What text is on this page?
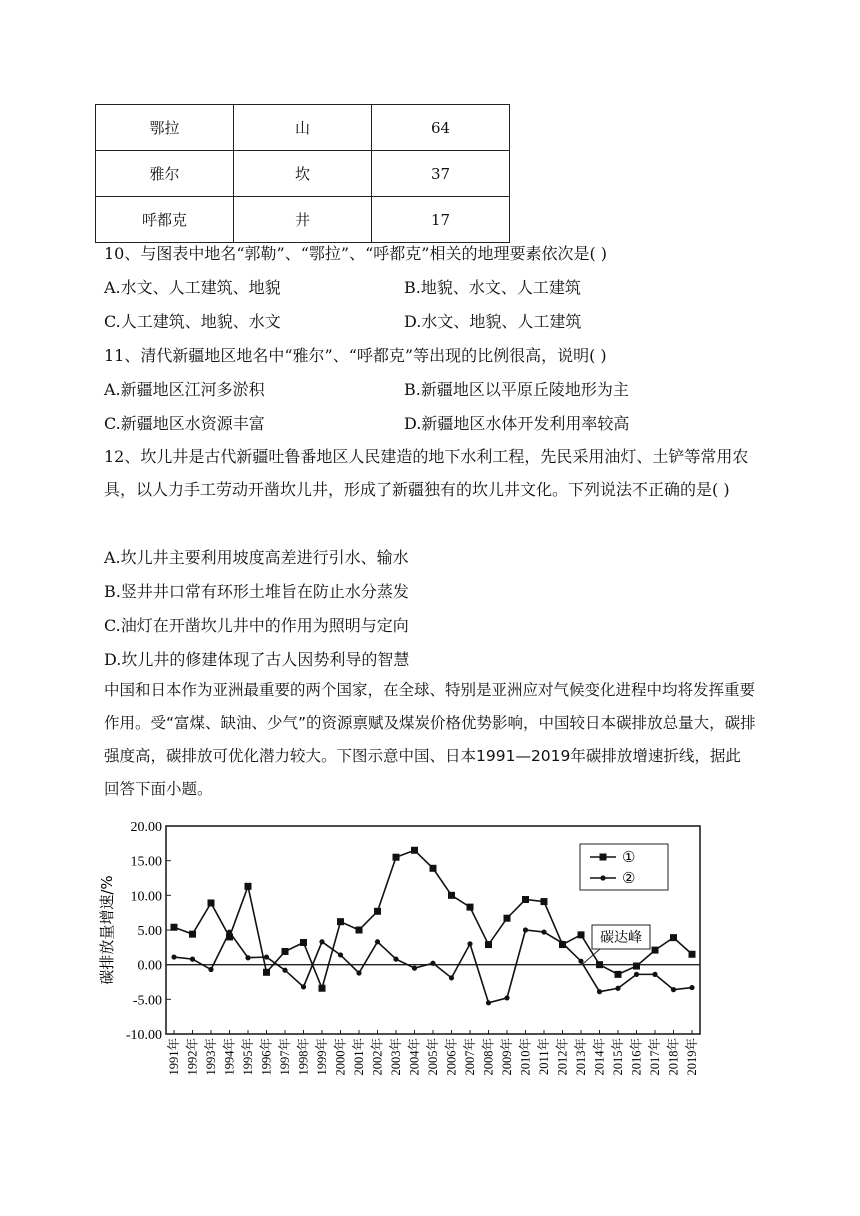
鄂拉	山	64
雅尔	坎	37
呼都克	井	17
10、与图表中地名“郭勒”、“鄂拉”、“呼都克”相关的地理要素依次是( )
A.水文、人工建筑、地貌	B.地貌、水文、人工建筑
C.人工建筑、地貌、水文	D.水文、地貌、人工建筑
11、清代新疆地区地名中“雅尔”、“呼都克”等出现的比例很高，说明( )
A.新疆地区江河多淤积	B.新疆地区以平原丘陵地形为主
C.新疆地区水资源丰富	D.新疆地区水体开发利用率较高
12、坎儿井是古代新疆吐鲁番地区人民建造的地下水利工程，先民采用油灯、土铲等常用农具，以人力手工劳动开凿坎儿井，形成了新疆独有的坎儿井文化。下列说法不正确的是( )
A.坎儿井主要利用坡度高差进行引水、输水
B.竖井井口常有环形土堆旨在防止水分蒸发
C.油灯在开凿坎儿井中的作用为照明与定向
D.坎儿井的修建体现了古人因势利导的智慧
中国和日本作为亚洲最重要的两个国家，在全球、特别是亚洲应对气候变化进程中均将发挥重要作用。受“富煤、缺油、少气”的资源禀赋及煤炭价格优势影响，中国较日本碳排放总量大，碳排强度高，碳排放可优化潜力较大。下图示意中国、日本1991—2019年碳排放增速折线，据此回答下面小题。
20.00
15.00
10.00
5.00
0.00
-5.00
-10.00
碳排放量增速/%
1991年 1992年 1993年 1994年 1995年 1996年 1997年 1998年 1999年 2000年 2001年 2002年 2003年 2004年 2005年 2006年 2007年 2008年 2009年 2010年 2011年 2012年 2013年 2014年 2015年 2016年 2017年 2018年 2019年
①
②
碳达峰
